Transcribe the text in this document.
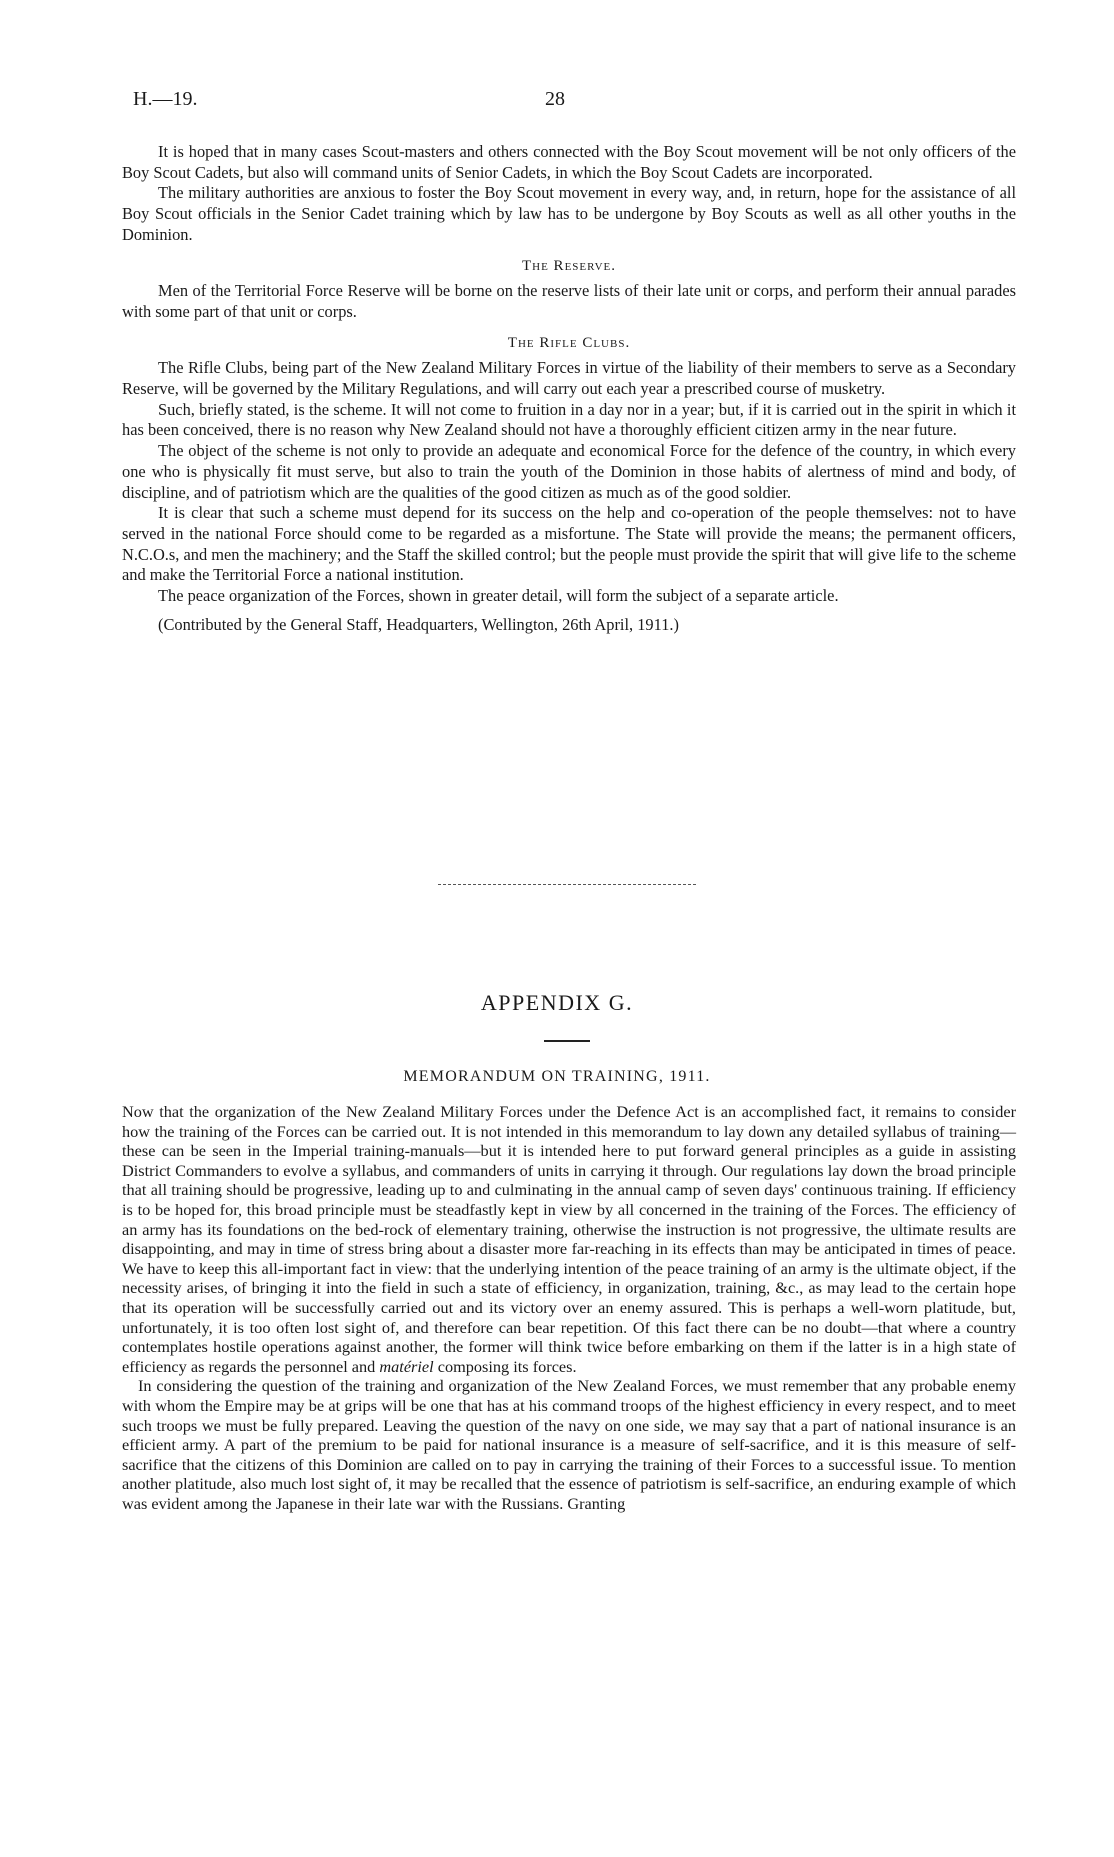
H.—19.	28

It is hoped that in many cases Scout-masters and others connected with the Boy Scout movement will be not only officers of the Boy Scout Cadets, but also will command units of Senior Cadets, in which the Boy Scout Cadets are incorporated.

The military authorities are anxious to foster the Boy Scout movement in every way, and, in return, hope for the assistance of all Boy Scout officials in the Senior Cadet training which by law has to be undergone by Boy Scouts as well as all other youths in the Dominion.

The Reserve.

Men of the Territorial Force Reserve will be borne on the reserve lists of their late unit or corps, and perform their annual parades with some part of that unit or corps.

The Rifle Clubs.

The Rifle Clubs, being part of the New Zealand Military Forces in virtue of the liability of their members to serve as a Secondary Reserve, will be governed by the Military Regulations, and will carry out each year a prescribed course of musketry.

Such, briefly stated, is the scheme. It will not come to fruition in a day nor in a year; but, if it is carried out in the spirit in which it has been conceived, there is no reason why New Zealand should not have a thoroughly efficient citizen army in the near future.

The object of the scheme is not only to provide an adequate and economical Force for the defence of the country, in which every one who is physically fit must serve, but also to train the youth of the Dominion in those habits of alertness of mind and body, of discipline, and of patriotism which are the qualities of the good citizen as much as of the good soldier.

It is clear that such a scheme must depend for its success on the help and co-operation of the people themselves: not to have served in the national Force should come to be regarded as a misfortune. The State will provide the means; the permanent officers, N.C.O.s, and men the machinery; and the Staff the skilled control; but the people must provide the spirit that will give life to the scheme and make the Territorial Force a national institution.

The peace organization of the Forces, shown in greater detail, will form the subject of a separate article.

(Contributed by the General Staff, Headquarters, Wellington, 26th April, 1911.)

APPENDIX G.
MEMORANDUM ON TRAINING, 1911.

Now that the organization of the New Zealand Military Forces under the Defence Act is an accomplished fact, it remains to consider how the training of the Forces can be carried out. It is not intended in this memorandum to lay down any detailed syllabus of training—these can be seen in the Imperial training-manuals—but it is intended here to put forward general principles as a guide in assisting District Commanders to evolve a syllabus, and commanders of units in carrying it through. Our regulations lay down the broad principle that all training should be progressive, leading up to and culminating in the annual camp of seven days' continuous training. If efficiency is to be hoped for, this broad principle must be steadfastly kept in view by all concerned in the training of the Forces. The efficiency of an army has its foundations on the bed-rock of elementary training, otherwise the instruction is not progressive, the ultimate results are disappointing, and may in time of stress bring about a disaster more far-reaching in its effects than may be anticipated in times of peace. We have to keep this all-important fact in view: that the underlying intention of the peace training of an army is the ultimate object, if the necessity arises, of bringing it into the field in such a state of efficiency, in organization, training, &c., as may lead to the certain hope that its operation will be successfully carried out and its victory over an enemy assured. This is perhaps a well-worn platitude, but, unfortunately, it is too often lost sight of, and therefore can bear repetition. Of this fact there can be no doubt—that where a country contemplates hostile operations against another, the former will think twice before embarking on them if the latter is in a high state of efficiency as regards the personnel and matériel composing its forces.

In considering the question of the training and organization of the New Zealand Forces, we must remember that any probable enemy with whom the Empire may be at grips will be one that has at his command troops of the highest efficiency in every respect, and to meet such troops we must be fully prepared. Leaving the question of the navy on one side, we may say that a part of national insurance is an efficient army. A part of the premium to be paid for national insurance is a measure of self-sacrifice, and it is this measure of self-sacrifice that the citizens of this Dominion are called on to pay in carrying the training of their Forces to a successful issue. To mention another platitude, also much lost sight of, it may be recalled that the essence of patriotism is self-sacrifice, an enduring example of which was evident among the Japanese in their late war with the Russians. Granting
